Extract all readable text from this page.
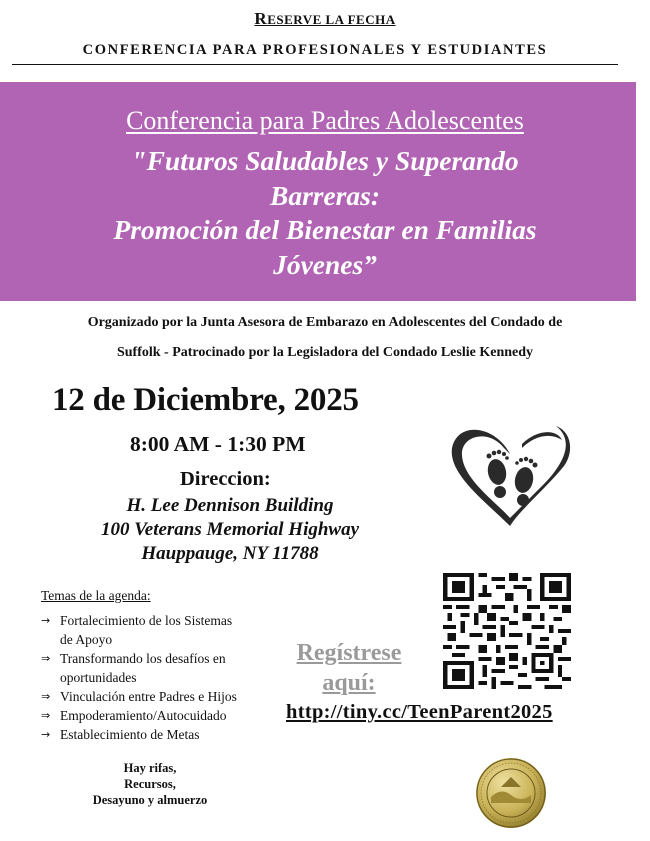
RESERVE LA FECHA
CONFERENCIA PARA PROFESIONALES Y ESTUDIANTES
Conferencia para Padres Adolescentes
"Futuros Saludables y Superando
Barreras:
Promoción del Bienestar en Familias
Jóvenes”
Organizado por la Junta Asesora de Embarazo en Adolescentes del Condado de
Suffolk - Patrocinado por la Legisladora del Condado Leslie Kennedy
12 de Diciembre, 2025
8:00 AM - 1:30 PM
Direccion:
H. Lee Dennison Building
100 Veterans Memorial Highway
Hauppauge, NY 11788
Temas de la agenda:
→ Fortalecimiento de los Sistemas
de Apoyo
⇒ Transformando los desafíos en
oportunidades
⇒ Vinculación entre Padres e Hijos
⇒ Empoderamiento/Autocuidado
→ Establecimiento de Metas
Hay rifas,
Recursos,
Desayuno y almuerzo
Regístrese
aquí:
http://tiny.cc/TeenParent2025
